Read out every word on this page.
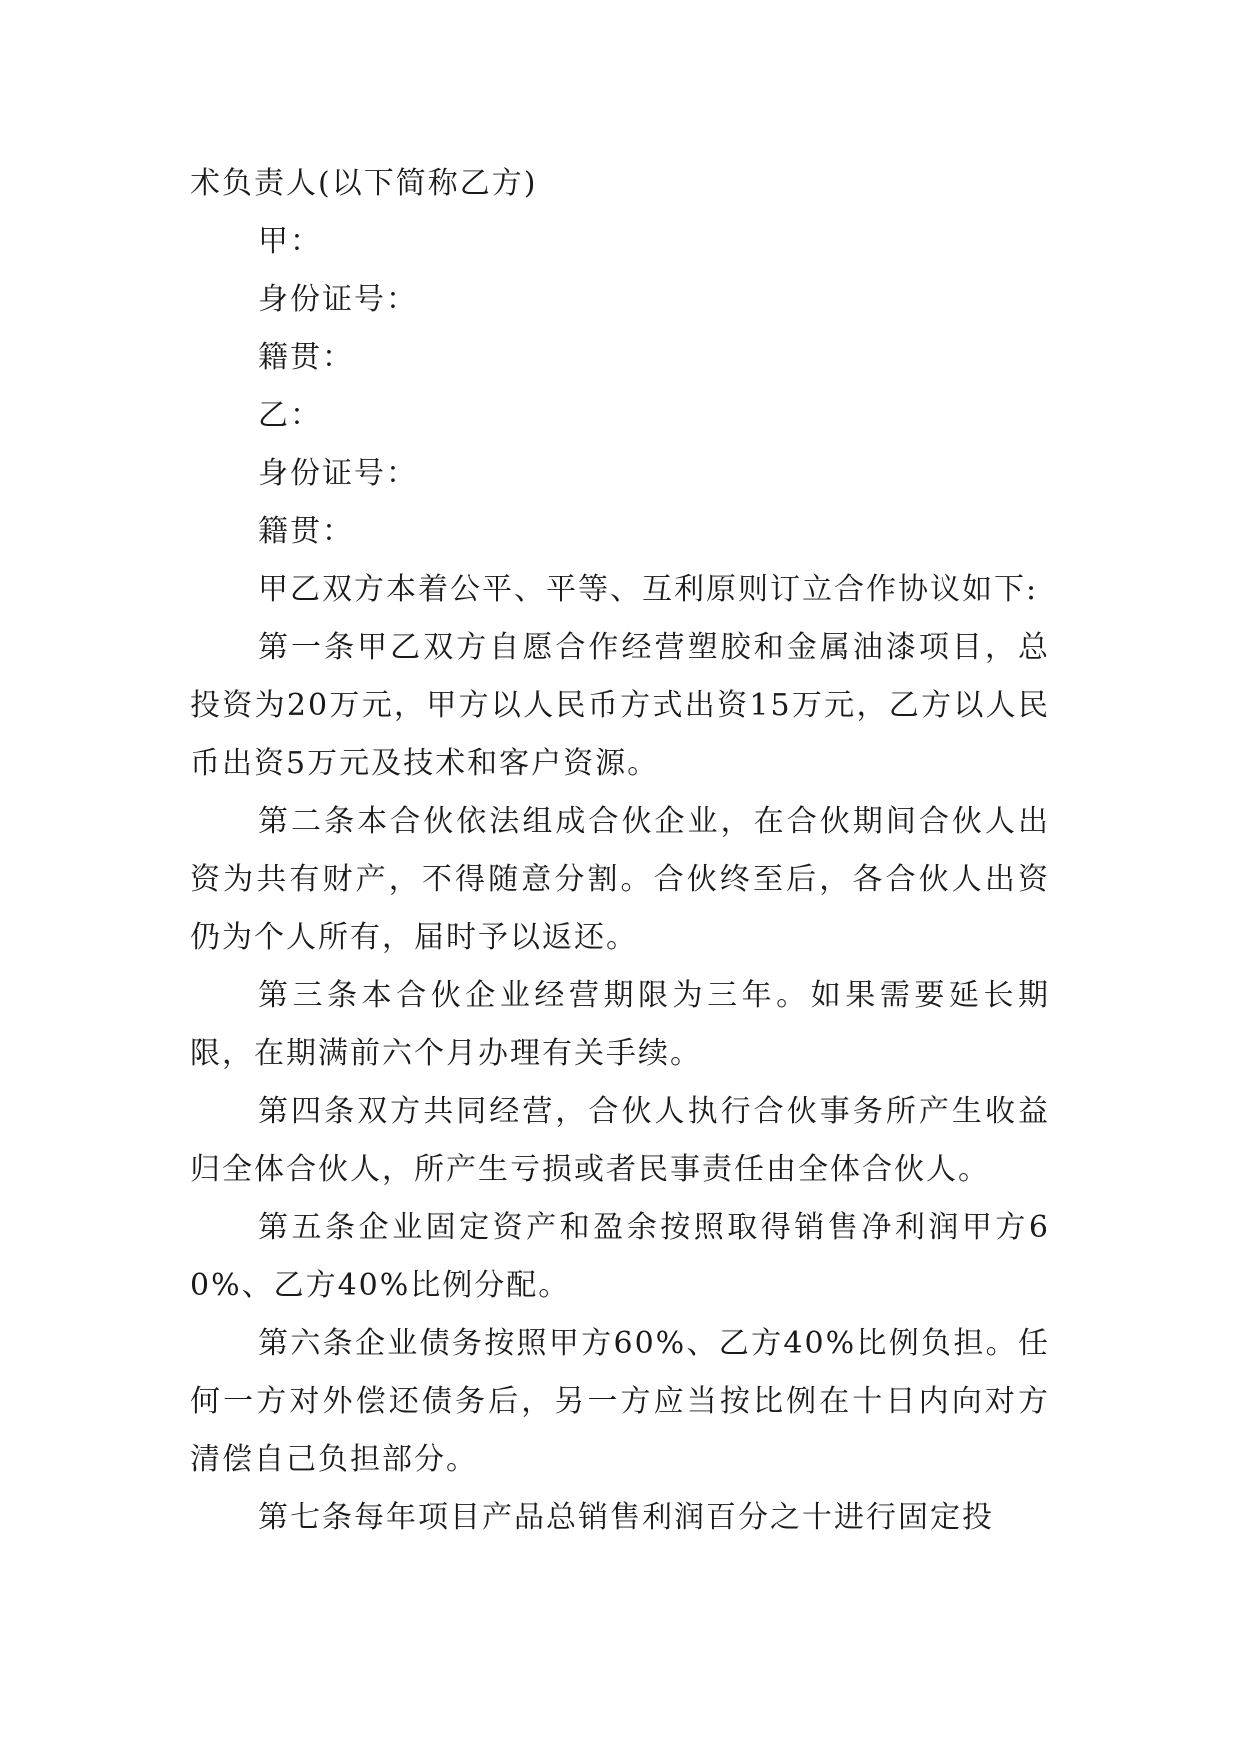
术负责人(以下简称乙方)

甲：

身份证号：

籍贯：

乙：

身份证号：

籍贯：

甲乙双方本着公平、平等、互利原则订立合作协议如下:

第一条甲乙双方自愿合作经营塑胶和金属油漆项目，总投资为20万元，甲方以人民币方式出资15万元，乙方以人民币出资5万元及技术和客户资源。

第二条本合伙依法组成合伙企业，在合伙期间合伙人出资为共有财产，不得随意分割。合伙终至后，各合伙人出资仍为个人所有，届时予以返还。

第三条本合伙企业经营期限为三年。如果需要延长期限，在期满前六个月办理有关手续。

第四条双方共同经营，合伙人执行合伙事务所产生收益归全体合伙人，所产生亏损或者民事责任由全体合伙人。

第五条企业固定资产和盈余按照取得销售净利润甲方60%、乙方40%比例分配。

第六条企业债务按照甲方60%、乙方40%比例负担。任何一方对外偿还债务后，另一方应当按比例在十日内向对方清偿自己负担部分。

第七条每年项目产品总销售利润百分之十进行固定投
